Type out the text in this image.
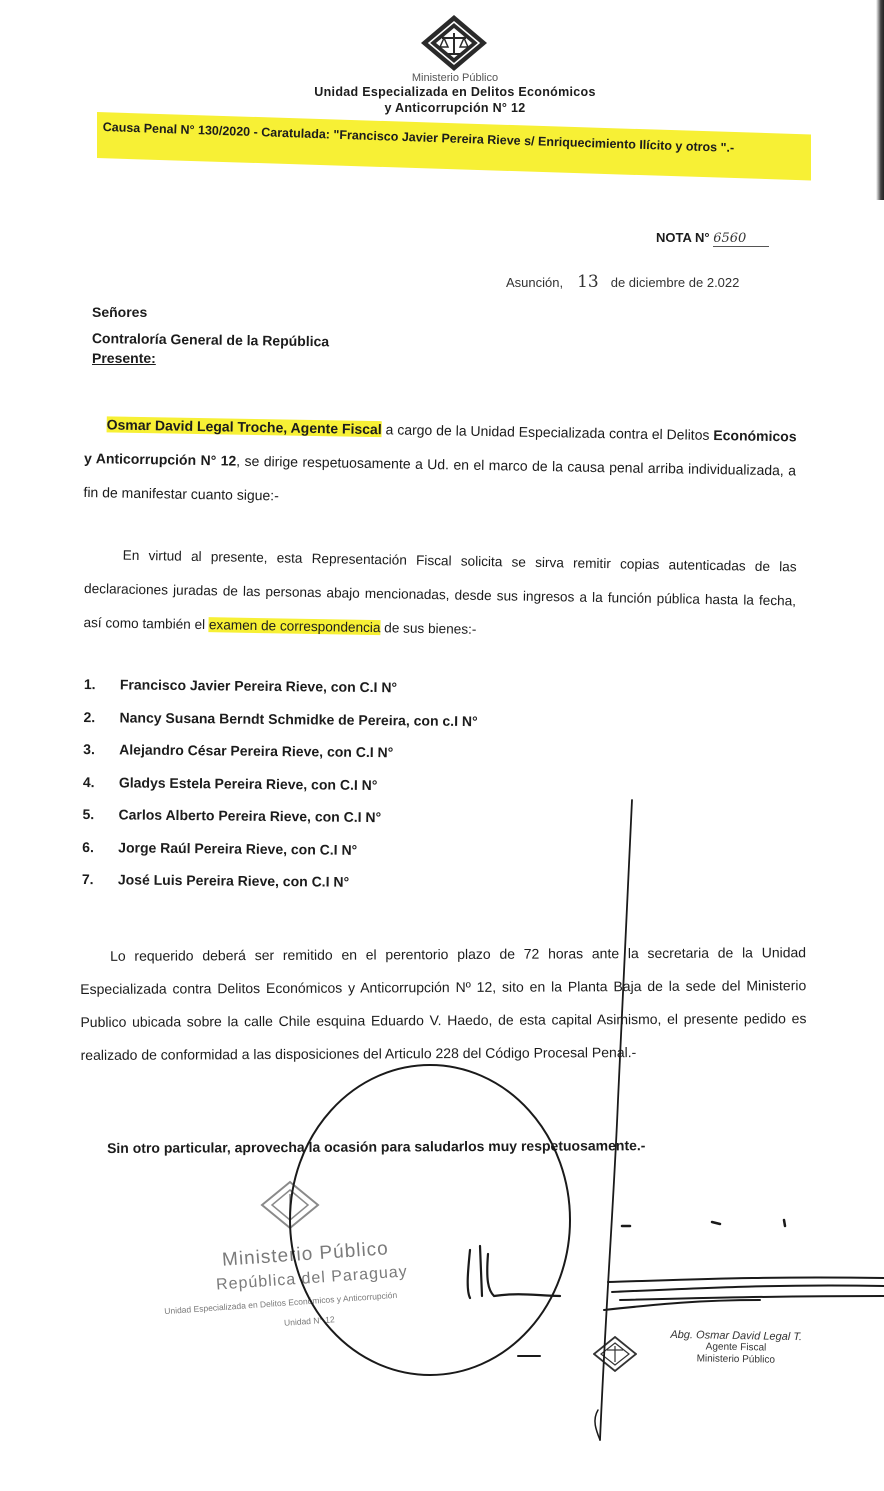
Ministerio Público
Unidad Especializada en Delitos Económicos
y Anticorrupción N° 12
Causa Penal N° 130/2020 - Caratulada: "Francisco Javier Pereira Rieve s/ Enriquecimiento Ilícito y otros ".-
NOTA N° 6560
Asunción, 13 de diciembre de 2.022
Señores
Contraloría General de la República
Presente:
Osmar David Legal Troche, Agente Fiscal a cargo de la Unidad Especializada contra el Delitos Económicos y Anticorrupción N° 12, se dirige respetuosamente a Ud. en el marco de la causa penal arriba individualizada, a fin de manifestar cuanto sigue:-
En virtud al presente, esta Representación Fiscal solicita se sirva remitir copias autenticadas de las declaraciones juradas de las personas abajo mencionadas, desde sus ingresos a la función pública hasta la fecha, así como también el examen de correspondencia de sus bienes:-
1.	Francisco Javier Pereira Rieve, con C.I N°
2.	Nancy Susana Berndt Schmidke de Pereira, con c.I N°
3.	Alejandro César Pereira Rieve, con C.I N°
4.	Gladys Estela Pereira Rieve, con C.I N°
5.	Carlos Alberto Pereira Rieve, con C.I N°
6.	Jorge Raúl Pereira Rieve, con C.I N°
7.	José Luis Pereira Rieve, con C.I N°
Lo requerido deberá ser remitido en el perentorio plazo de 72 horas ante la secretaria de la Unidad Especializada contra Delitos Económicos y Anticorrupción Nº 12, sito en la Planta Baja de la sede del Ministerio Publico ubicada sobre la calle Chile esquina Eduardo V. Haedo, de esta capital Asimismo, el presente pedido es realizado de conformidad a las disposiciones del Articulo 228 del Código Procesal Penal.-
Sin otro particular, aprovecha la ocasión para saludarlos muy respetuosamente.-
Ministerio Público
República del Paraguay
Unidad Especializada en Delitos Económicos y Anticorrupción
Unidad N° 12
Abg. Osmar David Legal T.
Agente Fiscal
Ministerio Público
